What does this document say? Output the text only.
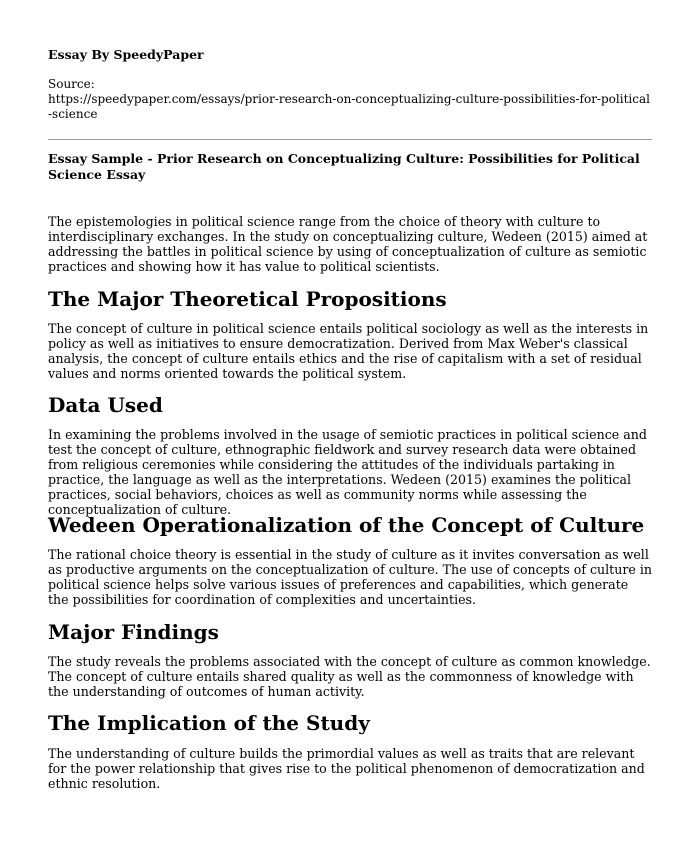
Essay By SpeedyPaper
Source:
https://speedypaper.com/essays/prior-research-on-conceptualizing-culture-possibilities-for-political-science
Essay Sample - Prior Research on Conceptualizing Culture: Possibilities for Political Science Essay

The epistemologies in political science range from the choice of theory with culture to interdisciplinary exchanges. In the study on conceptualizing culture, Wedeen (2015) aimed at addressing the battles in political science by using of conceptualization of culture as semiotic practices and showing how it has value to political scientists.

The Major Theoretical Propositions

The concept of culture in political science entails political sociology as well as the interests in policy as well as initiatives to ensure democratization. Derived from Max Weber's classical analysis, the concept of culture entails ethics and the rise of capitalism with a set of residual values and norms oriented towards the political system.

Data Used

In examining the problems involved in the usage of semiotic practices in political science and test the concept of culture, ethnographic fieldwork and survey research data were obtained from religious ceremonies while considering the attitudes of the individuals partaking in practice, the language as well as the interpretations. Wedeen (2015) examines the political practices, social behaviors, choices as well as community norms while assessing the conceptualization of culture.

Wedeen Operationalization of the Concept of Culture

The rational choice theory is essential in the study of culture as it invites conversation as well as productive arguments on the conceptualization of culture. The use of concepts of culture in political science helps solve various issues of preferences and capabilities, which generate the possibilities for coordination of complexities and uncertainties.

Major Findings

The study reveals the problems associated with the concept of culture as common knowledge. The concept of culture entails shared quality as well as the commonness of knowledge with the understanding of outcomes of human activity.

The Implication of the Study

The understanding of culture builds the primordial values as well as traits that are relevant for the power relationship that gives rise to the political phenomenon of democratization and ethnic resolution.
